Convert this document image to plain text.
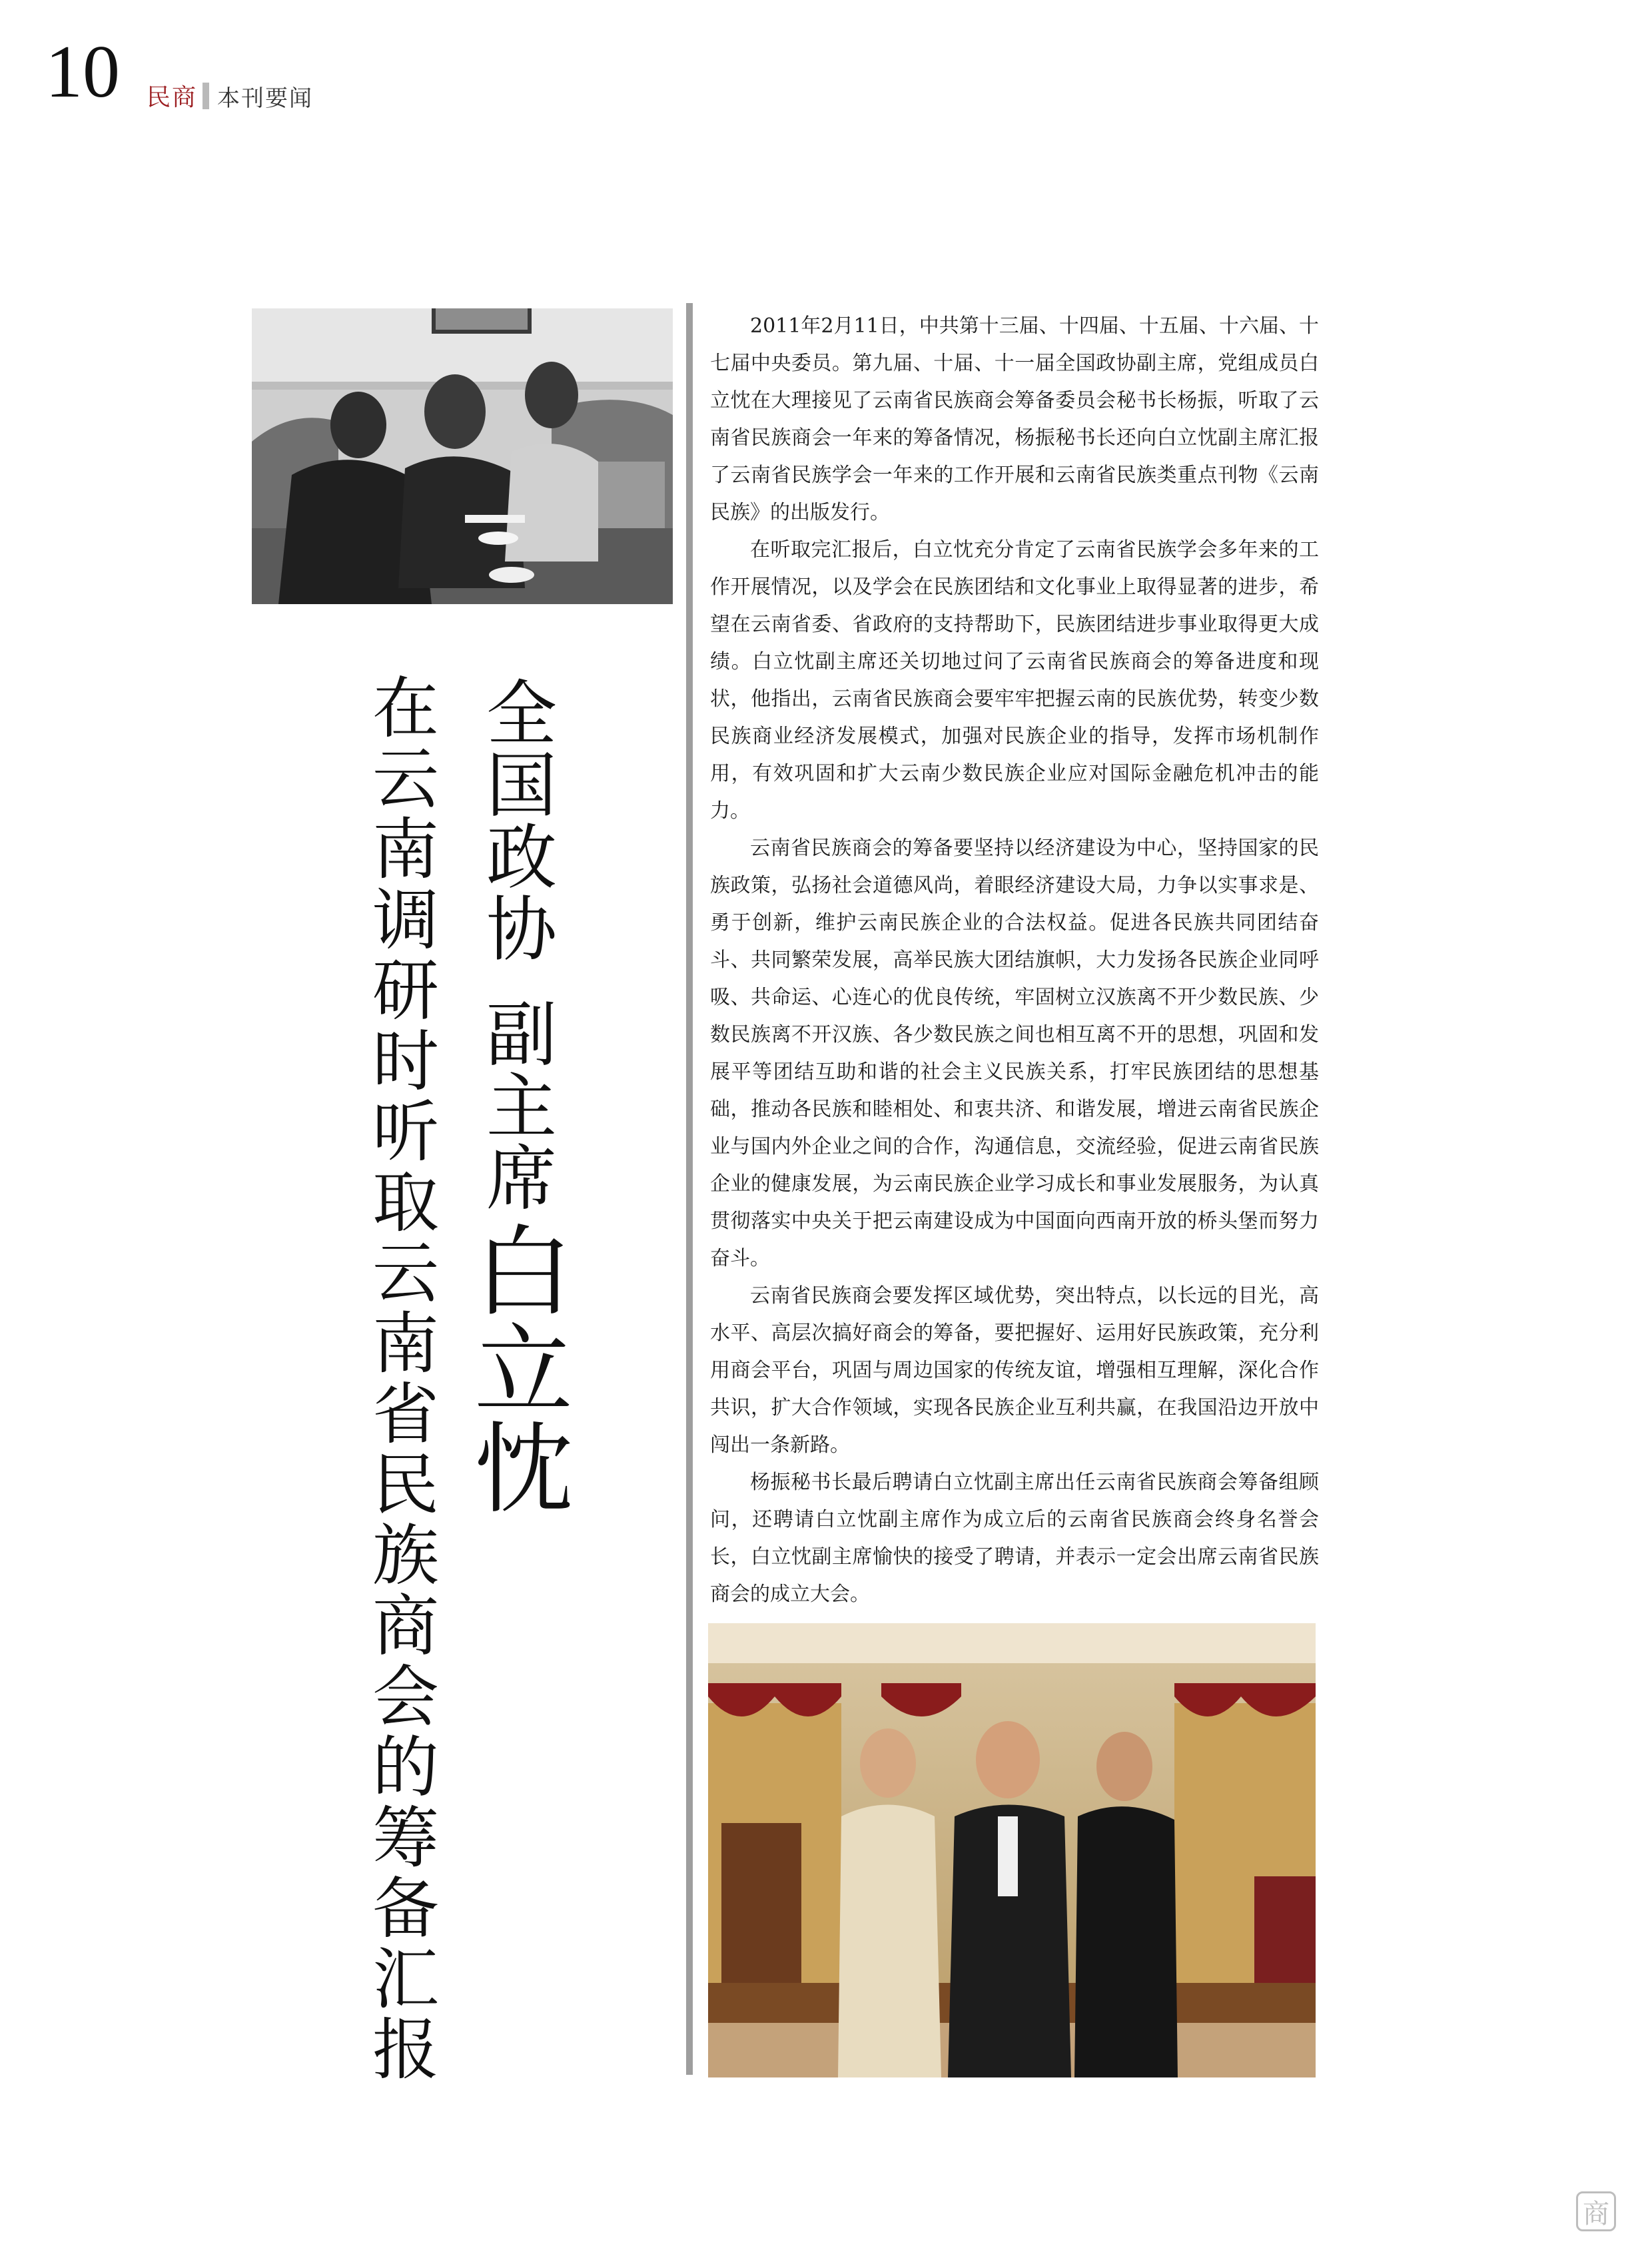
10 民商 本刊要闻
全国政协副主席白立忱
在云南调研时听取云南省民族商会的筹备汇报

2011年2月11日，中共第十三届、十四届、十五届、十六届、十七届中央委员。第九届、十届、十一届全国政协副主席，党组成员白立忱在大理接见了云南省民族商会筹备委员会秘书长杨振，听取了云南省民族商会一年来的筹备情况，杨振秘书长还向白立忱副主席汇报了云南省民族学会一年来的工作开展和云南省民族类重点刊物《云南民族》的出版发行。

在听取完汇报后，白立忱充分肯定了云南省民族学会多年来的工作开展情况，以及学会在民族团结和文化事业上取得显著的进步，希望在云南省委、省政府的支持帮助下，民族团结进步事业取得更大成绩。白立忱副主席还关切地过问了云南省民族商会的筹备进度和现状，他指出，云南省民族商会要牢牢把握云南的民族优势，转变少数民族商业经济发展模式，加强对民族企业的指导，发挥市场机制作用，有效巩固和扩大云南少数民族企业应对国际金融危机冲击的能力。

云南省民族商会的筹备要坚持以经济建设为中心，坚持国家的民族政策，弘扬社会道德风尚，着眼经济建设大局，力争以实事求是、勇于创新，维护云南民族企业的合法权益。促进各民族共同团结奋斗、共同繁荣发展，高举民族大团结旗帜，大力发扬各民族企业同呼吸、共命运、心连心的优良传统，牢固树立汉族离不开少数民族、少数民族离不开汉族、各少数民族之间也相互离不开的思想，巩固和发展平等团结互助和谐的社会主义民族关系，打牢民族团结的思想基础，推动各民族和睦相处、和衷共济、和谐发展，增进云南省民族企业与国内外企业之间的合作，沟通信息，交流经验，促进云南省民族企业的健康发展，为云南民族企业学习成长和事业发展服务，为认真贯彻落实中央关于把云南建设成为中国面向西南开放的桥头堡而努力奋斗。

云南省民族商会要发挥区域优势，突出特点，以长远的目光，高水平、高层次搞好商会的筹备，要把握好、运用好民族政策，充分利用商会平台，巩固与周边国家的传统友谊，增强相互理解，深化合作共识，扩大合作领域，实现各民族企业互利共赢，在我国沿边开放中闯出一条新路。

杨振秘书长最后聘请白立忱副主席出任云南省民族商会筹备组顾问，还聘请白立忱副主席作为成立后的云南省民族商会终身名誉会长，白立忱副主席愉快的接受了聘请，并表示一定会出席云南省民族商会的成立大会。

商
